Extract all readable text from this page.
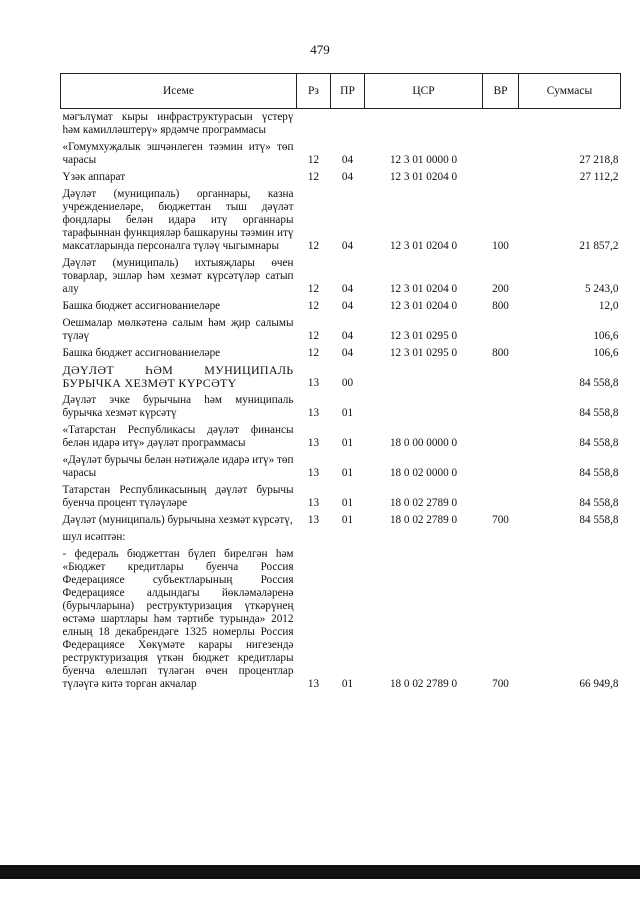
479
Исеме	Рз	ПР	ЦСР	ВР	Суммасы
мәгълүмат кыры инфраструктурасын үстерү һәм камилләштерү» ярдәмче программасы					
«Гомумхуҗалык эшчәнлеген тәэмин итү» төп чарасы	12	04	12 3 01 0000 0		27 218,8
Үзәк аппарат	12	04	12 3 01 0204 0		27 112,2
Дәүләт (муниципаль) органнары, казна учреждениеләре, бюджеттан тыш дәүләт фондлары белән идарә итү органнары тарафыннан функцияләр башкаруны тәэмин итү максатларында персоналга түләү чыгымнары	12	04	12 3 01 0204 0	100	21 857,2
Дәүләт (муниципаль) ихтыяҗлары өчен товарлар, эшләр һәм хезмәт күрсәтүләр сатып алу	12	04	12 3 01 0204 0	200	5 243,0
Башка бюджет ассигнованиеләре	12	04	12 3 01 0204 0	800	12,0
Оешмалар мөлкәтенә салым һәм җир салымы түләү	12	04	12 3 01 0295 0		106,6
Башка бюджет ассигнованиеләре	12	04	12 3 01 0295 0	800	106,6
ДӘҮЛӘТ ҺӘМ МУНИЦИПАЛЬ БУРЫЧКА ХЕЗМӘТ КҮРСӘТҮ	13	00			84 558,8
Дәүләт эчке бурычына һәм муниципаль бурычка хезмәт күрсәтү	13	01			84 558,8
«Татарстан Республикасы дәүләт финансы белән идарә итү» дәүләт программасы	13	01	18 0 00 0000 0		84 558,8
«Дәүләт бурычы белән нәтиҗәле идарә итү» төп чарасы	13	01	18 0 02 0000 0		84 558,8
Татарстан Республикасының дәүләт бурычы буенча процент түләүләре	13	01	18 0 02 2789 0		84 558,8
Дәүләт (муниципаль) бурычына хезмәт күрсәтү,	13	01	18 0 02 2789 0	700	84 558,8
шул исәптән:					
- федераль бюджеттан бүлеп бирелгән һәм «Бюджет кредитлары буенча Россия Федерациясе субъектларының Россия Федерациясе алдындагы йөкләмәләренә (бурычларына) реструктуризация үткәрүнең өстәмә шартлары һәм тәртибе турында» 2012 елның 18 декабрендәге 1325 номерлы Россия Федерациясе Хөкүмәте карары нигезендә реструктуризация үткән бюджет кредитлары буенча өлешләп түләгән өчен процентлар түләүгә китә торган акчалар	13	01	18 0 02 2789 0	700	66 949,8
